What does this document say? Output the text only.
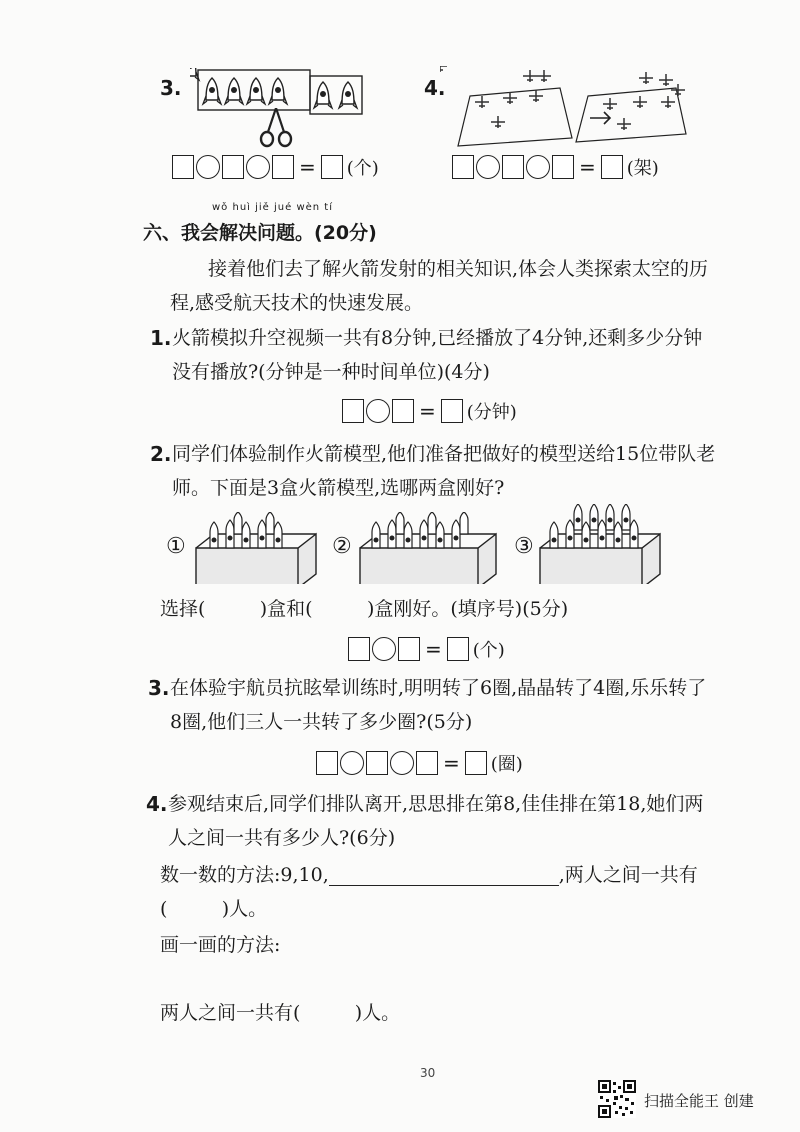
3.
= (个)
4.
= (架)
wǒ huì jiě jué wèn tí
六、我会解决问题。(20分)
接着他们去了解火箭发射的相关知识,体会人类探索太空的历
程,感受航天技术的快速发展。
1. 火箭模拟升空视频一共有8分钟,已经播放了4分钟,还剩多少分钟
没有播放?(分钟是一种时间单位)(4分)
= (分钟)
2. 同学们体验制作火箭模型,他们准备把做好的模型送给15位带队老
师。下面是3盒火箭模型,选哪两盒刚好?
①	②	③
选择(         )盒和(         )盒刚好。(填序号)(5分)
= (个)
3. 在体验宇航员抗眩晕训练时,明明转了6圈,晶晶转了4圈,乐乐转了
8圈,他们三人一共转了多少圈?(5分)
= (圈)
4. 参观结束后,同学们排队离开,思思排在第8,佳佳排在第18,她们两
人之间一共有多少人?(6分)
数一数的方法:9,10,	,两人之间一共有
(         )人。
画一画的方法:
两人之间一共有(         )人。
30
扫描全能王 创建
